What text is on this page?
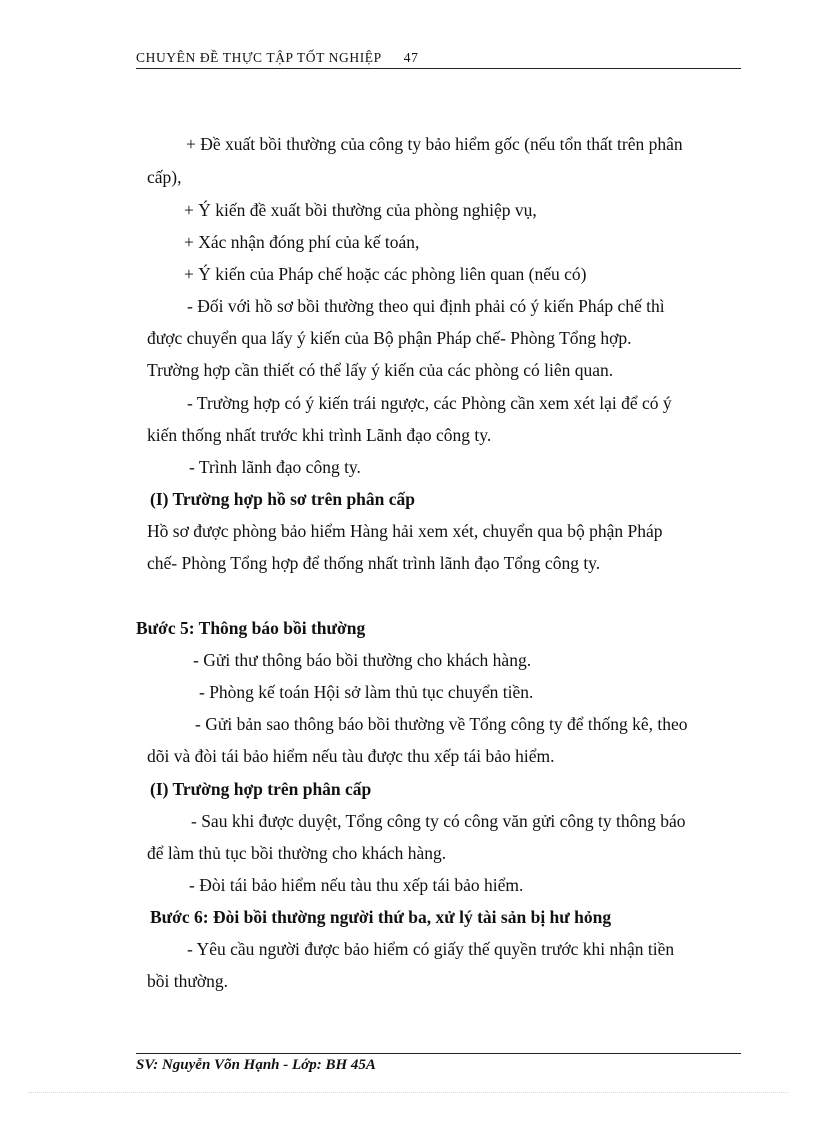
CHUYÊN ĐỀ THỰC TẬP TỐT NGHIỆP 47
+ Đề xuất bồi thường của công ty bảo hiểm gốc (nếu tổn thất trên phân
cấp),
+ Ý kiến đề xuất bồi thường của phòng nghiệp vụ,
+ Xác nhận đóng phí của kế toán,
+ Ý kiến của Pháp chế hoặc các phòng liên quan (nếu có)
- Đối với hồ sơ bồi thường theo qui định phải có ý kiến Pháp chế thì
được chuyển qua lấy ý kiến của Bộ phận Pháp chế- Phòng Tổng hợp.
Trường hợp cần thiết có thể lấy ý kiến của các phòng có liên quan.
- Trường hợp có ý kiến trái ngược, các Phòng cần xem xét lại để có ý
kiến thống nhất trước khi trình Lãnh đạo công ty.
- Trình lãnh đạo công ty.
(I) Trường hợp hồ sơ trên phân cấp
Hồ sơ được phòng bảo hiểm Hàng hải xem xét, chuyển qua bộ phận Pháp
chế- Phòng Tổng hợp để thống nhất trình lãnh đạo Tổng công ty.
Bước 5: Thông báo bồi thường
- Gửi thư thông báo bồi thường cho khách hàng.
- Phòng kế toán Hội sở làm thủ tục chuyển tiền.
- Gửi bản sao thông báo bồi thường về Tổng công ty để thống kê, theo
dõi và đòi tái bảo hiểm nếu tàu được thu xếp tái bảo hiểm.
(I) Trường hợp trên phân cấp
- Sau khi được duyệt, Tổng công ty có công văn gửi công ty thông báo
để làm thủ tục bồi thường cho khách hàng.
- Đòi tái bảo hiểm nếu tàu thu xếp tái bảo hiểm.
Bước 6: Đòi bồi thường người thứ ba, xử lý tài sản bị hư hỏng
- Yêu cầu người được bảo hiểm có giấy thế quyền trước khi nhận tiền
bồi thường.
SV: Nguyễn Võn Hạnh - Lớp: BH 45A
